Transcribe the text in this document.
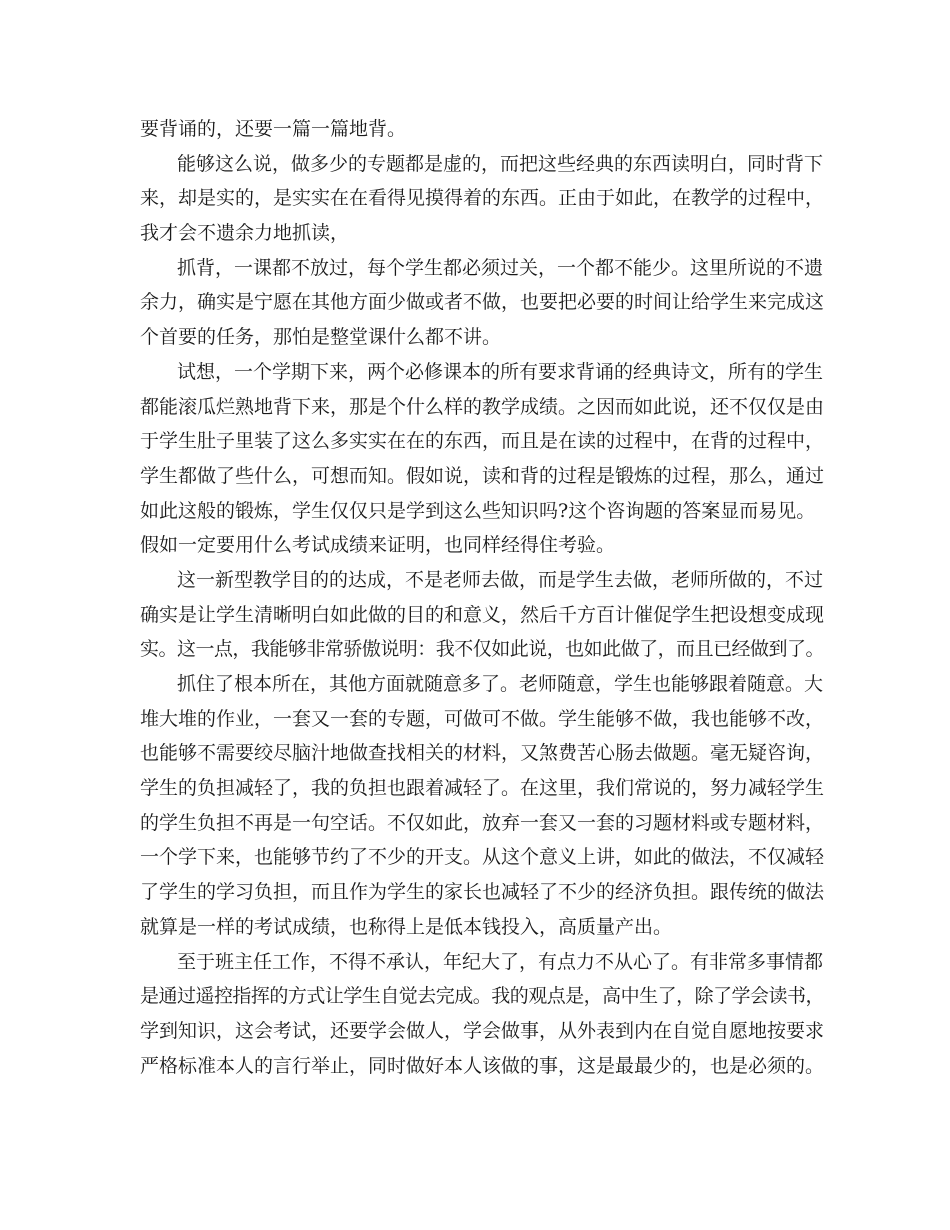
要背诵的，还要一篇一篇地背。
能够这么说，做多少的专题都是虚的，而把这些经典的东西读明白，同时背下
来，却是实的，是实实在在看得见摸得着的东西。正由于如此，在教学的过程中，
我才会不遗余力地抓读，
抓背，一课都不放过，每个学生都必须过关，一个都不能少。这里所说的不遗
余力，确实是宁愿在其他方面少做或者不做，也要把必要的时间让给学生来完成这
个首要的任务，那怕是整堂课什么都不讲。
试想，一个学期下来，两个必修课本的所有要求背诵的经典诗文，所有的学生
都能滚瓜烂熟地背下来，那是个什么样的教学成绩。之因而如此说，还不仅仅是由
于学生肚子里装了这么多实实在在的东西，而且是在读的过程中，在背的过程中，
学生都做了些什么，可想而知。假如说，读和背的过程是锻炼的过程，那么，通过
如此这般的锻炼，学生仅仅只是学到这么些知识吗?这个咨询题的答案显而易见。
假如一定要用什么考试成绩来证明，也同样经得住考验。
这一新型教学目的的达成，不是老师去做，而是学生去做，老师所做的，不过
确实是让学生清晰明白如此做的目的和意义，然后千方百计催促学生把设想变成现
实。这一点，我能够非常骄傲说明：我不仅如此说，也如此做了，而且已经做到了。
抓住了根本所在，其他方面就随意多了。老师随意，学生也能够跟着随意。大
堆大堆的作业，一套又一套的专题，可做可不做。学生能够不做，我也能够不改，
也能够不需要绞尽脑汁地做查找相关的材料，又煞费苦心肠去做题。毫无疑咨询，
学生的负担减轻了，我的负担也跟着减轻了。在这里，我们常说的，努力减轻学生
的学生负担不再是一句空话。不仅如此，放弃一套又一套的习题材料或专题材料，
一个学下来，也能够节约了不少的开支。从这个意义上讲，如此的做法，不仅减轻
了学生的学习负担，而且作为学生的家长也减轻了不少的经济负担。跟传统的做法
就算是一样的考试成绩，也称得上是低本钱投入，高质量产出。
至于班主任工作，不得不承认，年纪大了，有点力不从心了。有非常多事情都
是通过遥控指挥的方式让学生自觉去完成。我的观点是，高中生了，除了学会读书，
学到知识，这会考试，还要学会做人，学会做事，从外表到内在自觉自愿地按要求
严格标准本人的言行举止，同时做好本人该做的事，这是最最少的，也是必须的。
